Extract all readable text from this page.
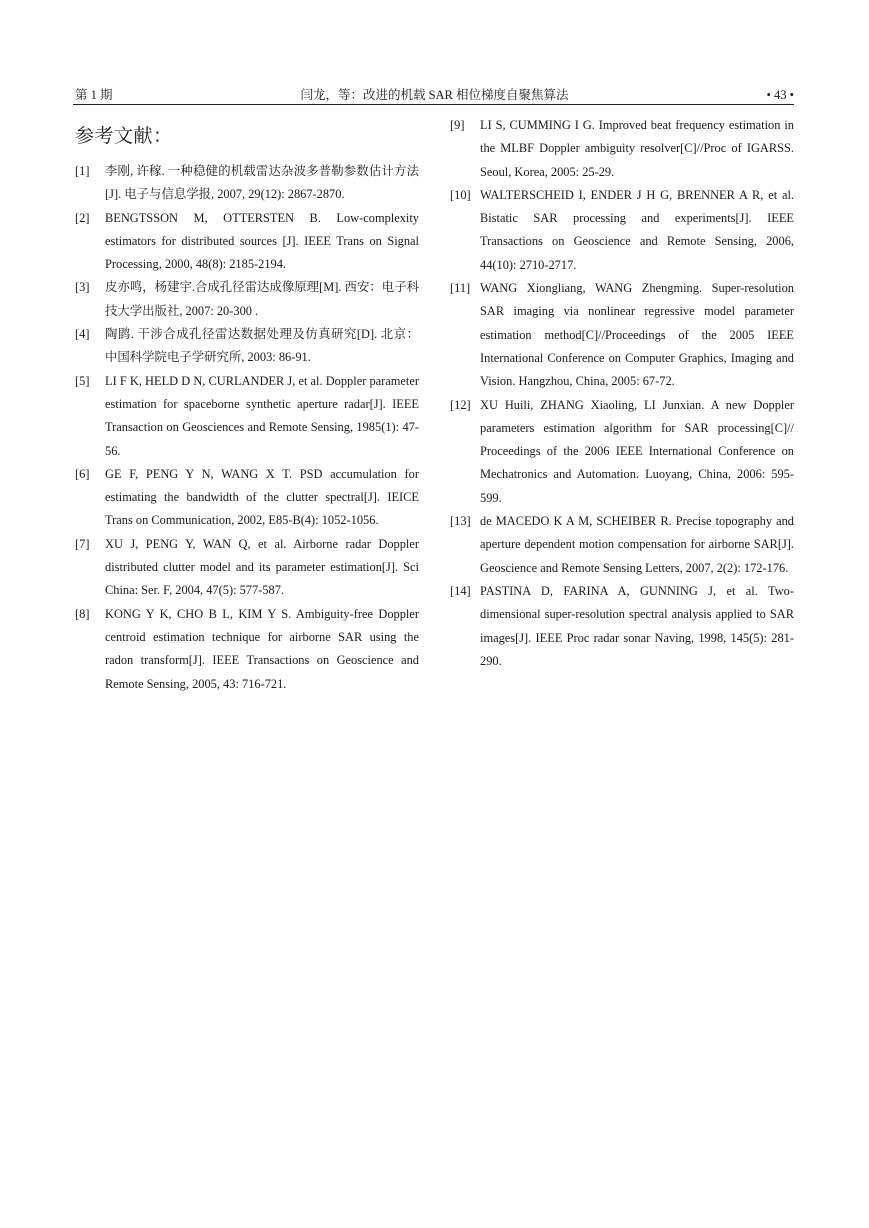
第 1 期	闫龙，等：改进的机载 SAR 相位梯度自聚焦算法	• 43 •
参考文献：
[1] 李刚, 许稼. 一种稳健的机载雷达杂波多普勒参数估计方法[J]. 电子与信息学报, 2007, 29(12): 2867-2870.
[2] BENGTSSON M, OTTERSTEN B. Low-complexity estimators for distributed sources [J]. IEEE Trans on Signal Processing, 2000, 48(8): 2185-2194.
[3] 皮亦鸣，杨建宇.合成孔径雷达成像原理[M]. 西安：电子科技大学出版社, 2007: 20-300 .
[4] 陶鹍. 干涉合成孔径雷达数据处理及仿真研究[D]. 北京：中国科学院电子学研究所, 2003: 86-91.
[5] LI F K, HELD D N, CURLANDER J, et al. Doppler parameter estimation for spaceborne synthetic aperture radar[J]. IEEE Transaction on Geosciences and Remote Sensing, 1985(1): 47-56.
[6] GE F, PENG Y N, WANG X T. PSD accumulation for estimating the bandwidth of the clutter spectral[J]. IEICE Trans on Communication, 2002, E85-B(4): 1052-1056.
[7] XU J, PENG Y, WAN Q, et al. Airborne radar Doppler distributed clutter model and its parameter estimation[J]. Sci China: Ser. F, 2004, 47(5): 577-587.
[8] KONG Y K, CHO B L, KIM Y S. Ambiguity-free Doppler centroid estimation technique for airborne SAR using the radon transform[J]. IEEE Transactions on Geoscience and Remote Sensing, 2005, 43: 716-721.
[9] LI S, CUMMING I G. Improved beat frequency estimation in the MLBF Doppler ambiguity resolver[C]//Proc of IGARSS. Seoul, Korea, 2005: 25-29.
[10] WALTERSCHEID I, ENDER J H G, BRENNER A R, et al. Bistatic SAR processing and experiments[J]. IEEE Transactions on Geoscience and Remote Sensing, 2006, 44(10): 2710-2717.
[11] WANG Xiongliang, WANG Zhengming. Super-resolution SAR imaging via nonlinear regressive model parameter estimation method[C]//Proceedings of the 2005 IEEE International Conference on Computer Graphics, Imaging and Vision. Hangzhou, China, 2005: 67-72.
[12] XU Huili, ZHANG Xiaoling, LI Junxian. A new Doppler parameters estimation algorithm for SAR processing[C]// Proceedings of the 2006 IEEE International Conference on Mechatronics and Automation. Luoyang, China, 2006: 595-599.
[13] de MACEDO K A M, SCHEIBER R. Precise topography and aperture dependent motion compensation for airborne SAR[J]. Geoscience and Remote Sensing Letters, 2007, 2(2): 172-176.
[14] PASTINA D, FARINA A, GUNNING J, et al. Two-dimensional super-resolution spectral analysis applied to SAR images[J]. IEEE Proc radar sonar Naving, 1998, 145(5): 281-290.
